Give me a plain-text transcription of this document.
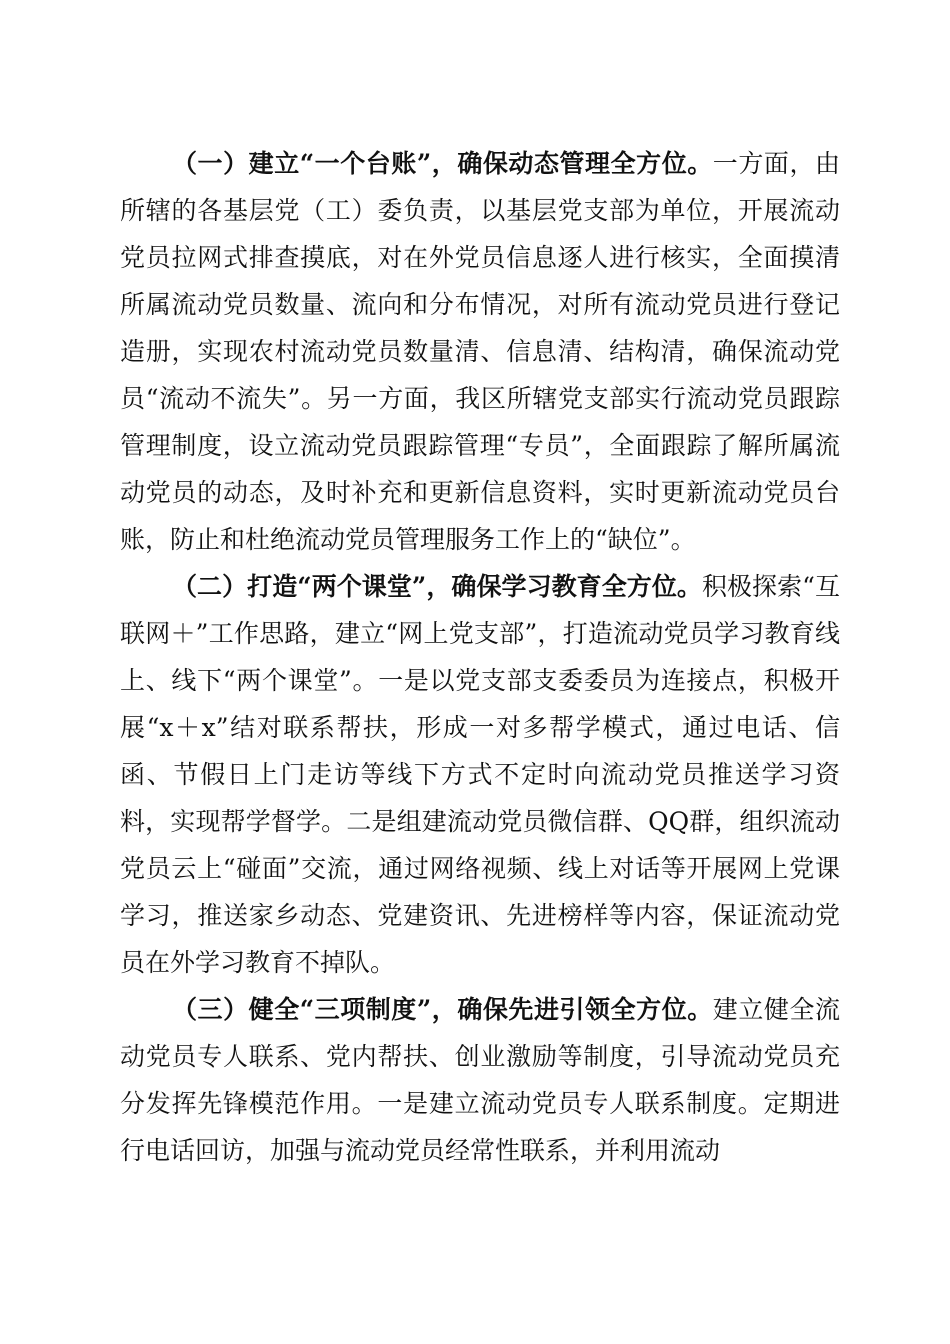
（一）建立“一个台账”，确保动态管理全方位。一方面，由所辖的各基层党（工）委负责，以基层党支部为单位，开展流动党员拉网式排查摸底，对在外党员信息逐人进行核实，全面摸清所属流动党员数量、流向和分布情况，对所有流动党员进行登记造册，实现农村流动党员数量清、信息清、结构清，确保流动党员“流动不流失”。另一方面，我区所辖党支部实行流动党员跟踪管理制度，设立流动党员跟踪管理“专员”，全面跟踪了解所属流动党员的动态，及时补充和更新信息资料，实时更新流动党员台账，防止和杜绝流动党员管理服务工作上的“缺位”。

（二）打造“两个课堂”，确保学习教育全方位。积极探索“互联网＋”工作思路，建立“网上党支部”，打造流动党员学习教育线上、线下“两个课堂”。一是以党支部支委委员为连接点，积极开展“x＋x”结对联系帮扶，形成一对多帮学模式，通过电话、信函、节假日上门走访等线下方式不定时向流动党员推送学习资料，实现帮学督学。二是组建流动党员微信群、QQ群，组织流动党员云上“碰面”交流，通过网络视频、线上对话等开展网上党课学习，推送家乡动态、党建资讯、先进榜样等内容，保证流动党员在外学习教育不掉队。

（三）健全“三项制度”，确保先进引领全方位。建立健全流动党员专人联系、党内帮扶、创业激励等制度，引导流动党员充分发挥先锋模范作用。一是建立流动党员专人联系制度。定期进行电话回访，加强与流动党员经常性联系，并利用流动
